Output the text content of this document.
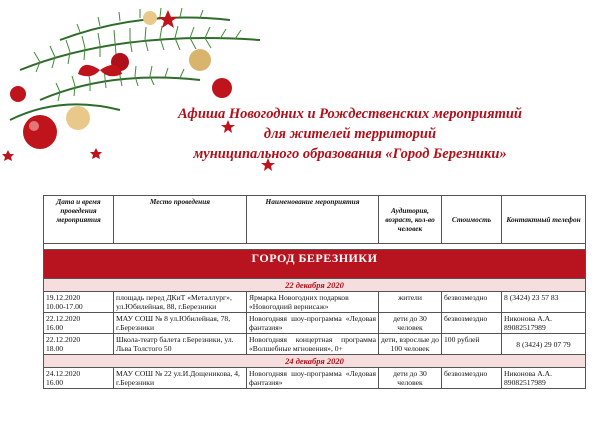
Афиша Новогодних и Рождественских мероприятий
для жителей территорий
муниципального образования «Город Березники»
Дата и время проведения мероприятия	Место проведения	Наименование мероприятия	Аудитория, возраст, кол-во человек	Стоимость	Контактный телефон

ГОРОД БЕРЕЗНИКИ					
22 декабря 2020					

19.12.2020
10.00-17.00	площадь перед ДКиТ «Металлург», ул.Юбилейная, 88, г.Березники	Ярмарка Новогодних подарков «Новогодний вернисаж»	жители	безвозмездно	8 (3424) 23 57 83

22.12.2020
16.00	МАУ СОШ № 8 ул.Юбилейная, 78, г.Березники	Новогодняя шоу-программа «Ледовая фантазия»	дети до 30 человек	безвозмездно	Никонова А.А. 89082517989

22.12.2020
18.00	Школа-театр балета г.Березники, ул. Льва Толстого 50	Новогодняя концертная программа «Волшебные мгновения», 0+	дети, взрослые до 100 человек	100 рублей	8 (3424) 29 07 79
24 декабря 2020					

24.12.2020
16.00	МАУ СОШ № 22 ул.И.Дощеникова, 4, г.Березники	Новогодняя шоу-программа «Ледовая фантазия»	дети до 30 человек	безвозмездно	Никонова А.А. 89082517989
